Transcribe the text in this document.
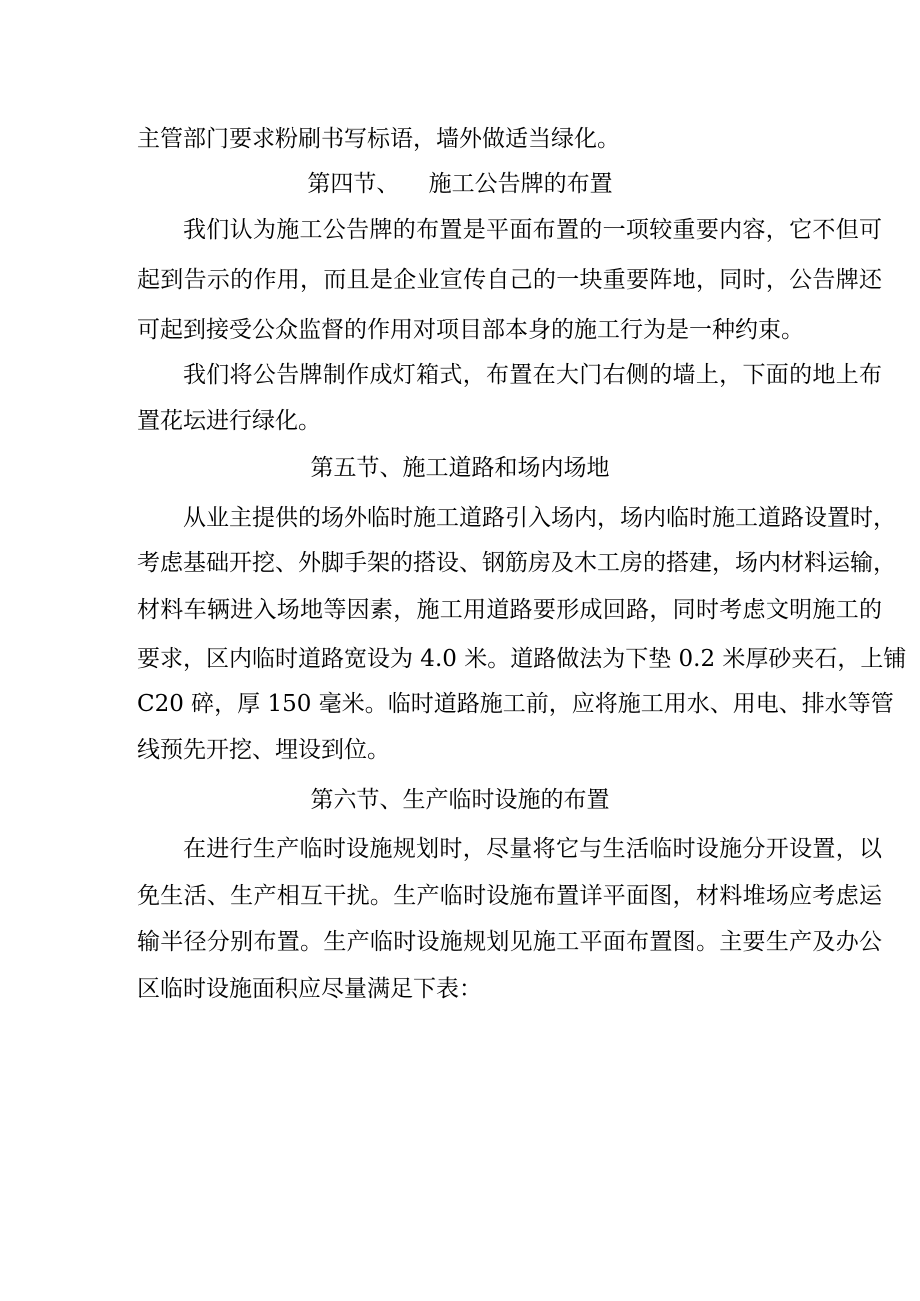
主管部门要求粉刷书写标语，墙外做适当绿化。
第四节、    施工公告牌的布置
我们认为施工公告牌的布置是平面布置的一项较重要内容，它不但可
起到告示的作用，而且是企业宣传自己的一块重要阵地，同时，公告牌还
可起到接受公众监督的作用对项目部本身的施工行为是一种约束。
我们将公告牌制作成灯箱式，布置在大门右侧的墙上，下面的地上布
置花坛进行绿化。
第五节、施工道路和场内场地
从业主提供的场外临时施工道路引入场内，场内临时施工道路设置时，
考虑基础开挖、外脚手架的搭设、钢筋房及木工房的搭建，场内材料运输，
材料车辆进入场地等因素，施工用道路要形成回路，同时考虑文明施工的
要求，区内临时道路宽设为 4.0 米。道路做法为下垫 0.2 米厚砂夹石，上铺
C20 碎，厚 150 毫米。临时道路施工前，应将施工用水、用电、排水等管
线预先开挖、埋设到位。
第六节、生产临时设施的布置
在进行生产临时设施规划时，尽量将它与生活临时设施分开设置，以
免生活、生产相互干扰。生产临时设施布置详平面图，材料堆场应考虑运
输半径分别布置。生产临时设施规划见施工平面布置图。主要生产及办公
区临时设施面积应尽量满足下表：
